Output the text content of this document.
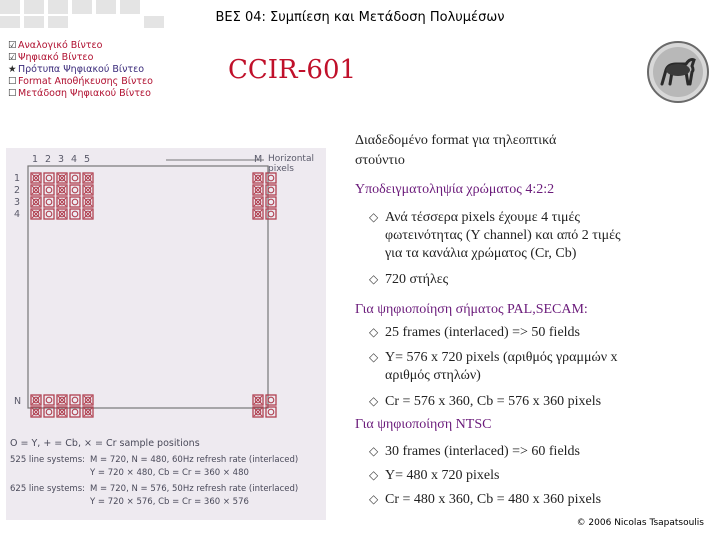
ΒΕΣ 04: Συμπίεση και Μετάδοση Πολυμέσων
☑Αναλογικό Βίντεο
☑Ψηφιακό Βίντεο
★Πρότυπα Ψηφιακού Βίντεο
☐Format Αποθήκευσης Βίντεο
☐Μετάδοση Ψηφιακού Βίντεο
CCIR-601
1 2 3 4 5	M Horizontal pixels
1
2
3
4
N
O = Y, + = Cb, × = Cr sample positions
525 line systems: M = 720, N = 480, 60Hz refresh rate (interlaced)
Y = 720 × 480, Cb = Cr = 360 × 480
625 line systems: M = 720, N = 576, 50Hz refresh rate (interlaced)
Y = 720 × 576, Cb = Cr = 360 × 576
Διαδεδομένο format για τηλεοπτικά
στούντιο
Υποδειγματοληψία χρώματος 4:2:2
◇ Ανά τέσσερα pixels έχουμε 4 τιμές
φωτεινότητας (Y channel) και από 2 τιμές
για τα κανάλια χρώματος (Cr, Cb)
◇ 720 στήλες
Για ψηφιοποίηση σήματος PAL,SECAM:
◇ 25 frames (interlaced) => 50 fields
◇ Y= 576 x 720 pixels (αριθμός γραμμών x
αριθμός στηλών)
◇ Cr = 576 x 360, Cb = 576 x 360 pixels
Για ψηφιοποίηση NTSC
◇ 30 frames (interlaced) => 60 fields
◇ Y= 480 x 720 pixels
◇ Cr = 480 x 360, Cb = 480 x 360 pixels
© 2006 Nicolas Tsapatsoulis
